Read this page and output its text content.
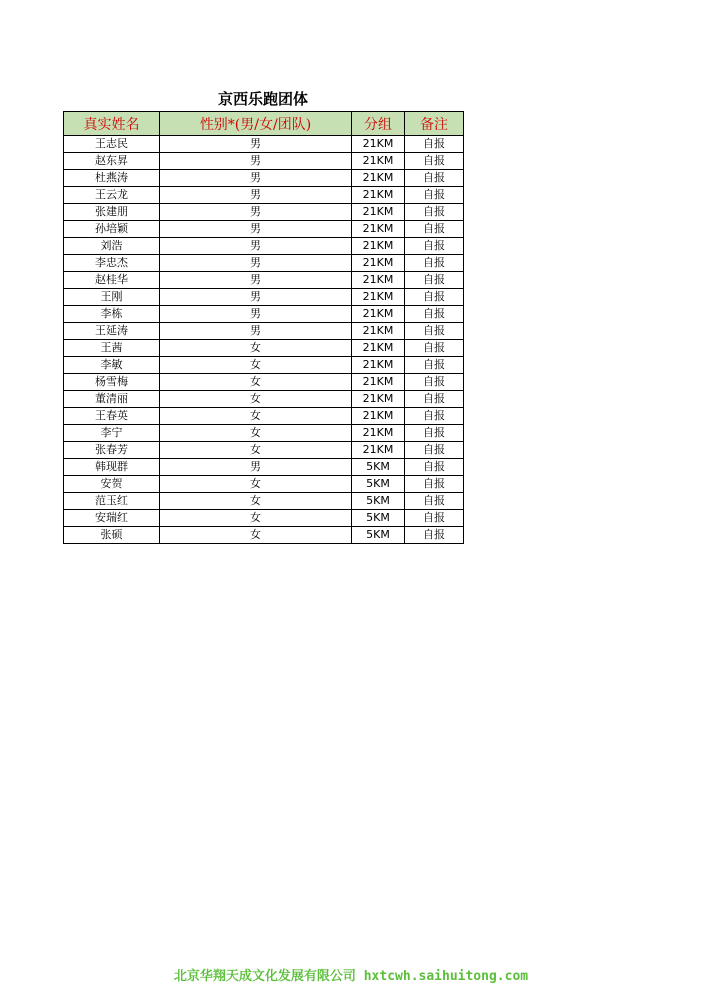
京西乐跑团体
真实姓名	性别*(男/女/团队)	分组	备注
王志民	男	21KM	自报
赵东昇	男	21KM	自报
杜燕涛	男	21KM	自报
王云龙	男	21KM	自报
张建朋	男	21KM	自报
孙培颖	男	21KM	自报
刘浩	男	21KM	自报
李忠杰	男	21KM	自报
赵桂华	男	21KM	自报
王刚	男	21KM	自报
李栋	男	21KM	自报
王延涛	男	21KM	自报
王茜	女	21KM	自报
李敏	女	21KM	自报
杨雪梅	女	21KM	自报
董清丽	女	21KM	自报
王春英	女	21KM	自报
李宁	女	21KM	自报
张春芳	女	21KM	自报
韩现群	男	5KM	自报
安贺	女	5KM	自报
范玉红	女	5KM	自报
安瑞红	女	5KM	自报
张硕	女	5KM	自报
北京华翔天成文化发展有限公司 hxtcwh.saihuitong.com
